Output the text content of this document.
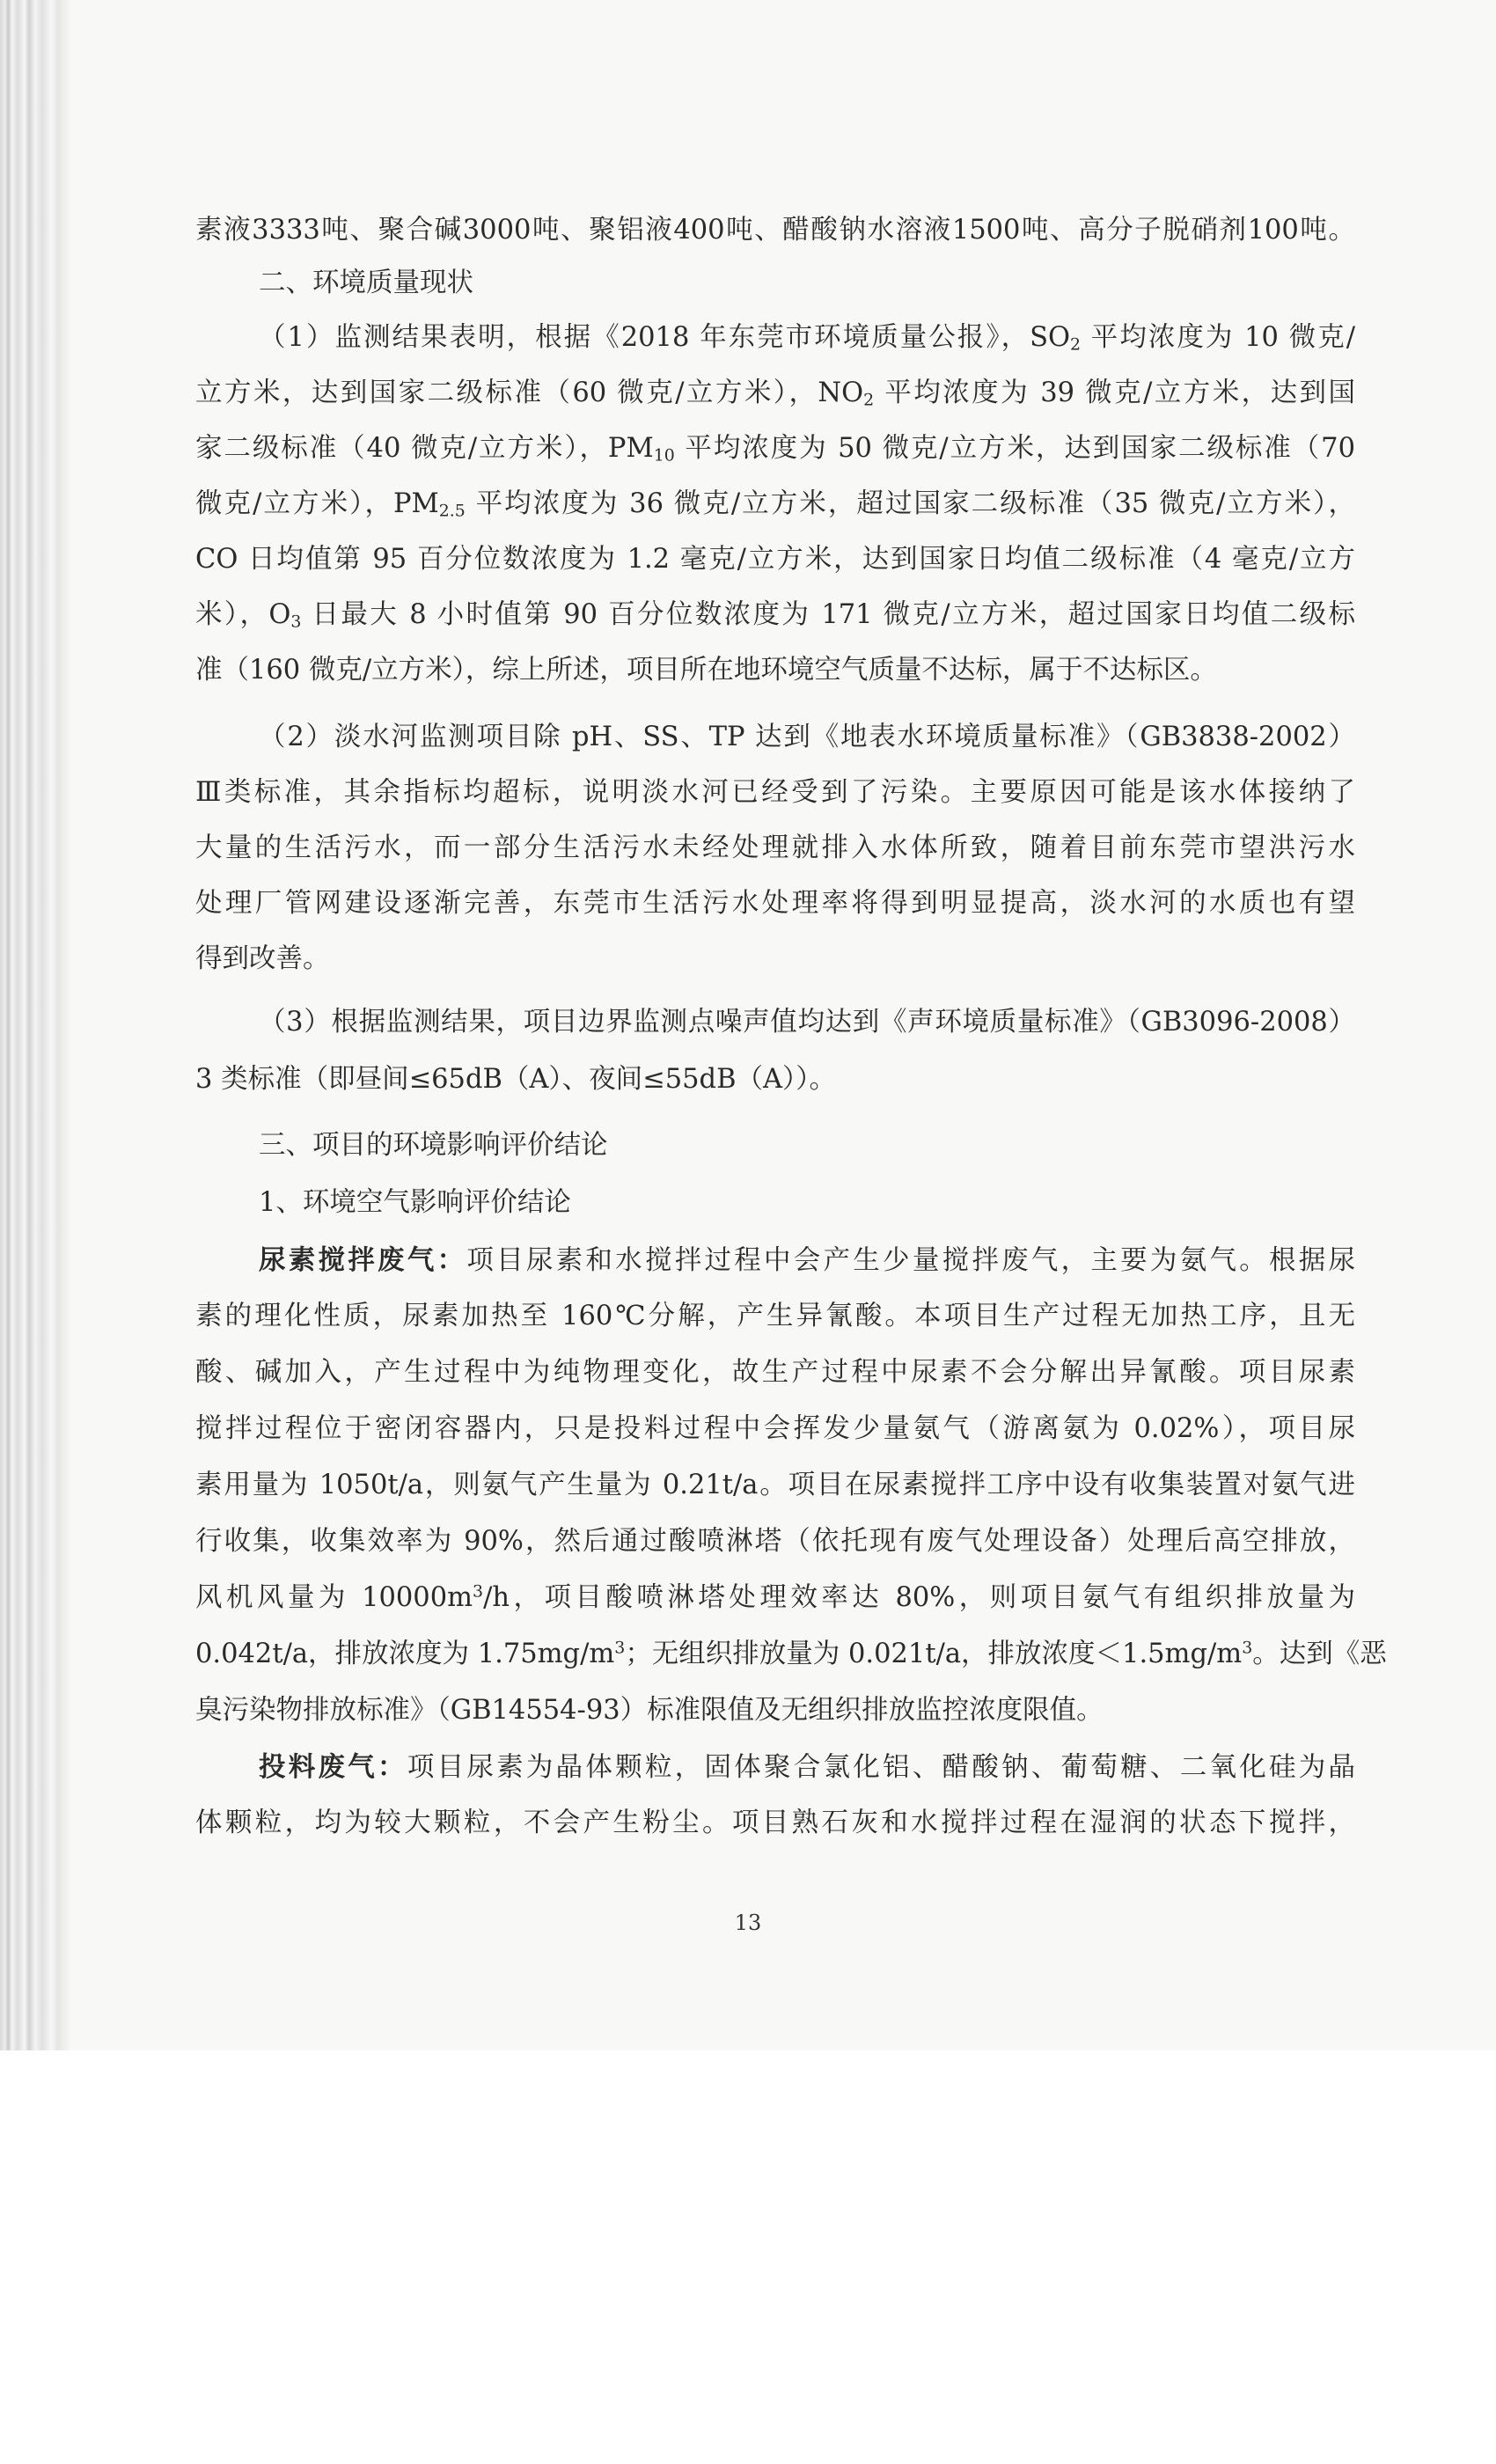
素液3333吨、聚合碱3000吨、聚铝液400吨、醋酸钠水溶液1500吨、高分子脱硝剂100吨。
二、环境质量现状
（1）监测结果表明，根据《2018 年东莞市环境质量公报》，$SO_2$ 平均浓度为 10 微克/
立方米，达到国家二级标准（60 微克/立方米），$NO_2$ 平均浓度为 39 微克/立方米，达到国
家二级标准（40 微克/立方米），$PM_{10}$ 平均浓度为 50 微克/立方米，达到国家二级标准（70
微克/立方米），$PM_{2.5}$ 平均浓度为 36 微克/立方米，超过国家二级标准（35 微克/立方米），
CO 日均值第 95 百分位数浓度为 1.2 毫克/立方米，达到国家日均值二级标准（4 毫克/立方
米），$O_3$ 日最大 8 小时值第 90 百分位数浓度为 171 微克/立方米，超过国家日均值二级标
准（160 微克/立方米），综上所述，项目所在地环境空气质量不达标，属于不达标区。
（2）淡水河监测项目除 pH、SS、TP 达到《地表水环境质量标准》（GB3838-2002）
Ⅲ类标准，其余指标均超标，说明淡水河已经受到了污染。主要原因可能是该水体接纳了
大量的生活污水，而一部分生活污水未经处理就排入水体所致，随着目前东莞市望洪污水
处理厂管网建设逐渐完善，东莞市生活污水处理率将得到明显提高，淡水河的水质也有望
得到改善。
（3）根据监测结果，项目边界监测点噪声值均达到《声环境质量标准》（GB3096-2008）
3 类标准（即昼间≤65dB（A）、夜间≤55dB（A））。
三、项目的环境影响评价结论
1、环境空气影响评价结论
尿素搅拌废气：项目尿素和水搅拌过程中会产生少量搅拌废气，主要为氨气。根据尿
素的理化性质，尿素加热至 160℃分解，产生异氰酸。本项目生产过程无加热工序，且无
酸、碱加入，产生过程中为纯物理变化，故生产过程中尿素不会分解出异氰酸。项目尿素
搅拌过程位于密闭容器内，只是投料过程中会挥发少量氨气（游离氨为 0.02%），项目尿
素用量为 1050t/a，则氨气产生量为 0.21t/a。项目在尿素搅拌工序中设有收集装置对氨气进
行收集，收集效率为 90%，然后通过酸喷淋塔（依托现有废气处理设备）处理后高空排放，
风机风量为 $10000m^3/h$，项目酸喷淋塔处理效率达 80%，则项目氨气有组织排放量为
0.042t/a，排放浓度为 $1.75mg/m^3$；无组织排放量为 0.021t/a，排放浓度$<1.5mg/m^3$。达到《恶
臭污染物排放标准》（GB14554-93）标准限值及无组织排放监控浓度限值。
投料废气：项目尿素为晶体颗粒，固体聚合氯化铝、醋酸钠、葡萄糖、二氧化硅为晶
体颗粒，均为较大颗粒，不会产生粉尘。项目熟石灰和水搅拌过程在湿润的状态下搅拌，
13
